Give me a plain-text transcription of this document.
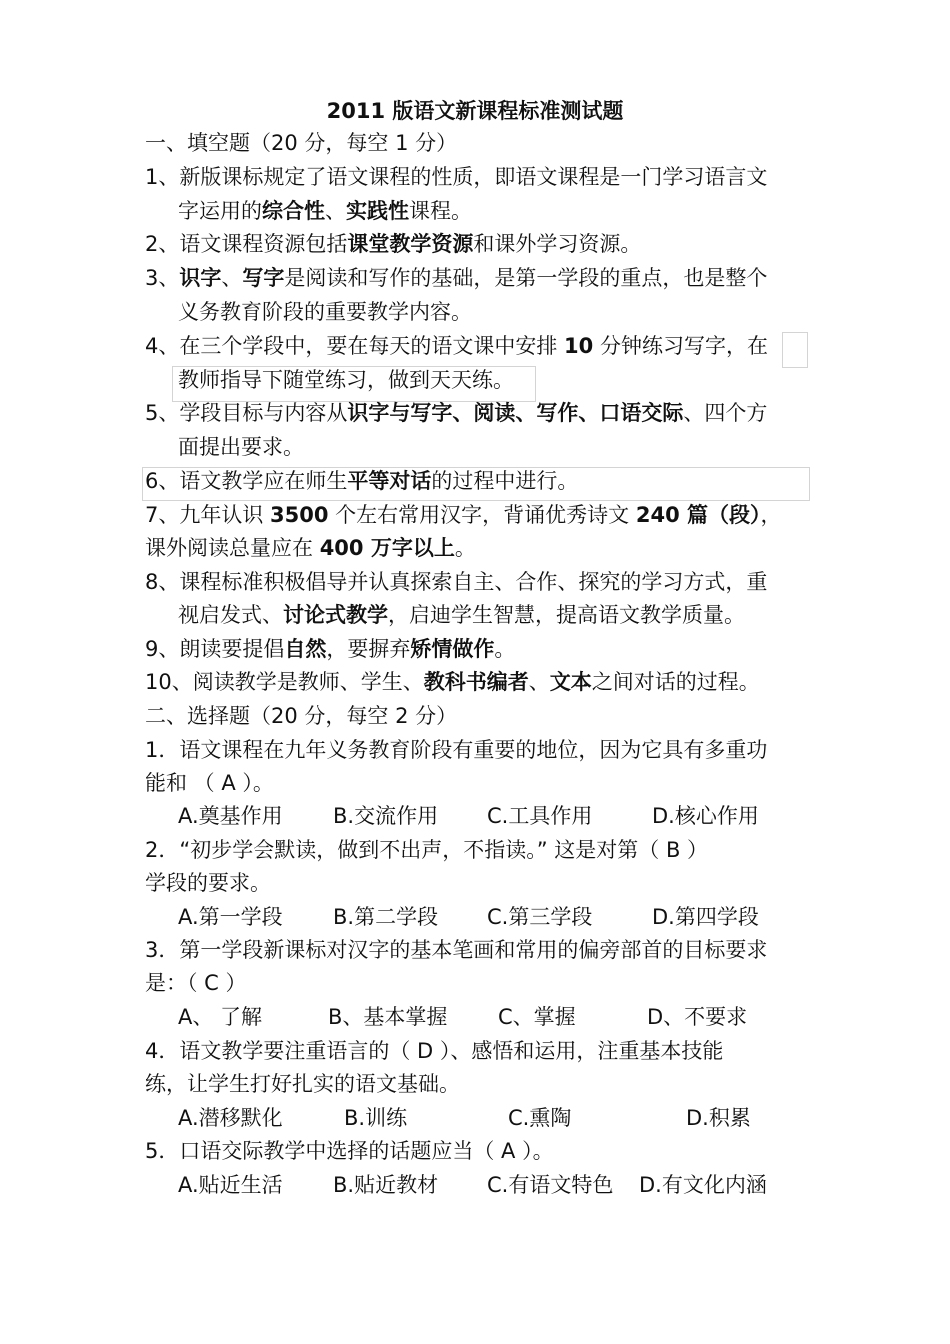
2011 版语文新课程标准测试题
一、填空题（20 分，每空 1 分）
1、新版课标规定了语文课程的性质，即语文课程是一门学习语言文
字运用的综合性、实践性课程。
2、语文课程资源包括课堂教学资源和课外学习资源。
3、识字、写字是阅读和写作的基础，是第一学段的重点，也是整个
义务教育阶段的重要教学内容。
4、在三个学段中，要在每天的语文课中安排 10 分钟练习写字，在
教师指导下随堂练习，做到天天练。
5、学段目标与内容从识字与写字、阅读、写作、口语交际、四个方
面提出要求。
6、语文教学应在师生平等对话的过程中进行。
7、九年认识 3500 个左右常用汉字，背诵优秀诗文 240 篇（段），
课外阅读总量应在 400 万字以上。
8、课程标准积极倡导并认真探索自主、合作、探究的学习方式，重
视启发式、讨论式教学，启迪学生智慧，提高语文教学质量。
9、朗读要提倡自然，要摒弃矫情做作。
10、阅读教学是教师、学生、教科书编者、文本之间对话的过程。
二、选择题（20 分，每空 2 分）
1．语文课程在九年义务教育阶段有重要的地位，因为它具有多重功
能和 （ A ）。
A.奠基作用 B.交流作用 C.工具作用	D.核心作用
2．“初步学会默读，做到不出声，不指读。” 这是对第（ B ）
学段的要求。
A.第一学段 B.第二学段 C.第三学段	D.第四学段
3．第一学段新课标对汉字的基本笔画和常用的偏旁部首的目标要求
是：（ C ）
A、 了解	B、基本掌握 C、掌握	D、不要求
4．语文教学要注重语言的（ D ）、感悟和运用，注重基本技能
练，让学生打好扎实的语文基础。
A.潜移默化	B.训练	C.熏陶	D.积累
5．口语交际教学中选择的话题应当（ A ）。
A.贴近生活 B.贴近教材 C.有语文特色 D.有文化内涵
